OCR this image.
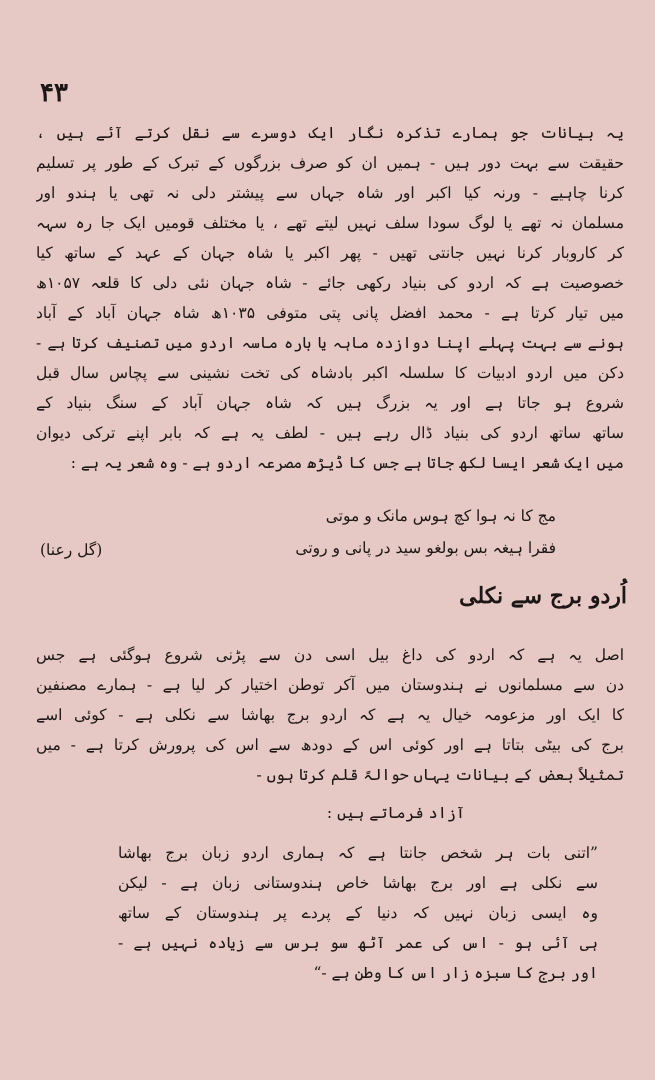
۴۳
یہ بیانات جو ہمارے تذکرہ نگار ایک دوسرے سے نقل کرتے آئے ہیں ،
حقیقت سے بہت دور ہیں - ہمیں ان کو صرف بزرگوں کے تبرک کے طور پر تسلیم
کرنا چاہیے - ورنہ کیا اکبر اور شاہ جہاں سے پیشتر دلی نہ تھی یا ہندو اور
مسلمان نہ تھے یا لوگ سودا سلف نہیں لیتے تھے ، یا مختلف قومیں ایک جا رہ سہہ
کر کاروبار کرنا نہیں جانتی تھیں - پھر اکبر یا شاہ جہان کے عہد کے ساتھ کیا
خصوصیت ہے کہ اردو کی بنیاد رکھی جائے - شاہ جہان نئی دلی کا قلعہ ۱۰۵۷ھ
میں تیار کرتا ہے - محمد افضل پانی پتی متوفی ۱۰۳۵ھ شاہ جہان آباد کے آباد
ہونے سے بہت پہلے اپنا دوازدہ ماہہ یا بارہ ماسہ اردو میں تصنیف کرتا ہے -
دکن میں اردو ادبیات کا سلسلہ اکبر بادشاہ کی تخت نشینی سے پچاس سال قبل
شروع ہو جاتا ہے اور یہ بزرگ ہیں کہ شاہ جہان آباد کے سنگ بنیاد کے
ساتھ ساتھ اردو کی بنیاد ڈال رہے ہیں - لطف یہ ہے کہ بابر اپنے ترکی دیوان
میں ایک شعر ایسا لکھ جاتا ہے جس کا ڈیڑھ مصرعہ اردو ہے - وہ شعر یہ ہے :
مج کا نہ ہوا کچ ہوس مانک و موتی
فقرا ہیغہ بس بولغو سید در پانی و روتی
(گل رعنا)
اُردو برج سے نکلی
اصل یہ ہے کہ اردو کی داغ بیل اسی دن سے پڑنی شروع ہوگئی ہے جس
دن سے مسلمانوں نے ہندوستان میں آکر توطن اختیار کر لیا ہے - ہمارے مصنفین
کا ایک اور مزعومہ خیال یہ ہے کہ اردو برج بھاشا سے نکلی ہے - کوئی اسے
برج کی بیٹی بتاتا ہے اور کوئی اس کے دودھ سے اس کی پرورش کرتا ہے - میں
تمثیلاً بعض کے بیانات یہاں حوالہً قلم کرتا ہوں -
آزاد فرماتے ہیں :
”اتنی بات ہر شخص جانتا ہے کہ ہماری اردو زبان برج بھاشا
سے نکلی ہے اور برج بھاشا خاص ہندوستانی زبان ہے - لیکن
وہ ایسی زبان نہیں کہ دنیا کے پردے پر ہندوستان کے ساتھ
ہی آئی ہو - اس کی عمر آٹھ سو برس سے زیادہ نہیں ہے -
اور برج کا سبزہ زار اس کا وطن ہے -“
